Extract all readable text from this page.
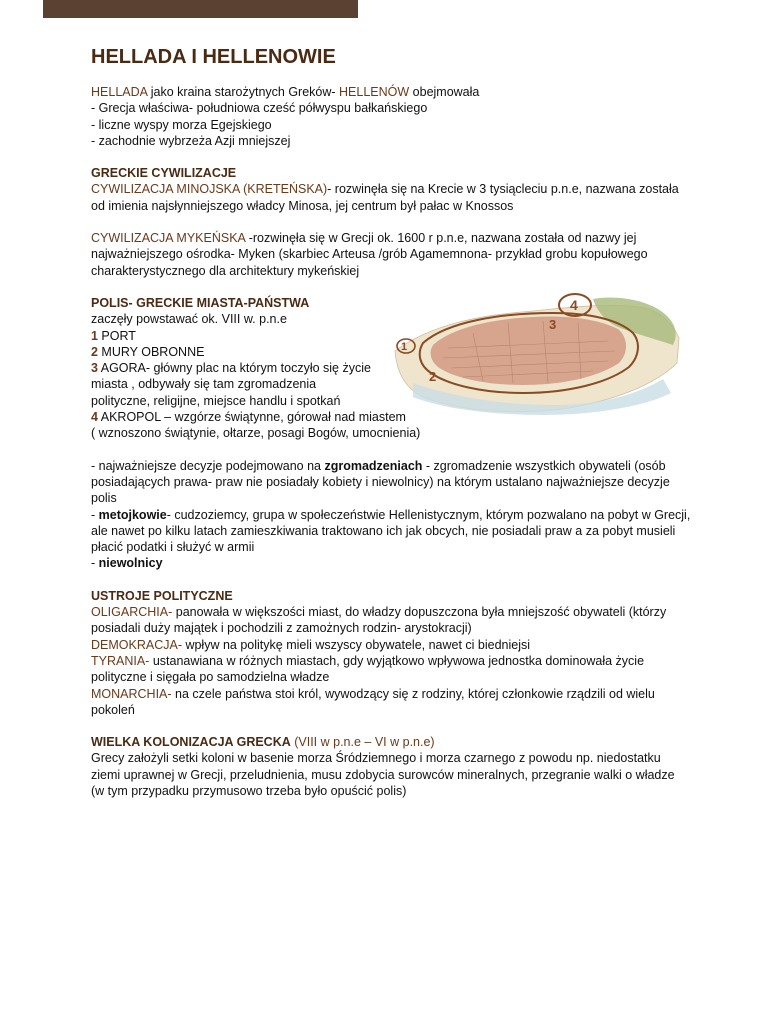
HELLADA I HELLENOWIE

HELLADA jako kraina starożytnych Greków- HELLENÓW obejmowała

- Grecja właściwa- południowa cześć półwyspu bałkańskiego

- liczne wyspy morza Egejskiego

- zachodnie wybrzeża Azji mniejszej

GRECKIE CYWILIZACJE

CYWILIZACJA MINOJSKA (KRETEŃSKA)- rozwinęła się na Krecie w 3 tysiącleciu p.n.e, nazwana została od imienia najsłynniejszego władcy Minosa, jej centrum był pałac w Knossos

CYWILIZACJA MYKEŃSKA -rozwinęła się w Grecji ok. 1600 r p.n.e, nazwana została od nazwy jej najważniejszego ośrodka- Myken (skarbiec Arteusa /grób Agamemnona- przykład grobu kopułowego charakterystycznego dla architektury mykeńskiej

POLIS- GRECKIE MIASTA-PAŃSTWA

zaczęły powstawać ok. VIII w. p.n.e

1 PORT

2 MURY OBRONNE

3 AGORA- główny plac na którym toczyło się życie

miasta , odbywały się tam zgromadzenia

polityczne, religijne, miejsce handlu i spotkań

4 AKROPOL – wzgórze świątynne, górował nad miastem

( wznoszono świątynie, ołtarze, posagi Bogów, umocnienia)

- najważniejsze decyzje podejmowano na zgromadzeniach - zgromadzenie wszystkich obywateli (osób posiadających prawa- praw nie posiadały kobiety i niewolnicy) na którym ustalano najważniejsze decyzje polis

- metojkowie- cudzoziemcy, grupa w społeczeństwie Hellenistycznym, którym pozwalano na pobyt w Grecji, ale nawet po kilku latach zamieszkiwania traktowano ich jak obcych, nie posiadali praw a za pobyt musieli płacić podatki i służyć w armii

- niewolnicy

USTROJE POLITYCZNE

OLIGARCHIA- panowała w większości miast, do władzy dopuszczona była mniejszość obywateli (którzy posiadali duży majątek i pochodzili z zamożnych rodzin- arystokracji)

DEMOKRACJA- wpływ na politykę mieli wszyscy obywatele, nawet ci biedniejsi

TYRANIA- ustanawiana w różnych miastach, gdy wyjątkowo wpływowa jednostka dominowała życie polityczne i sięgała po samodzielna władze

MONARCHIA- na czele państwa stoi król, wywodzący się z rodziny, której członkowie rządzili od wielu pokoleń

WIELKA KOLONIZACJA GRECKA (VIII w p.n.e – VI w p.n.e)

Grecy założyli setki koloni w basenie morza Śródziemnego i morza czarnego z powodu np. niedostatku ziemi uprawnej w Grecji, przeludnienia, musu zdobycia surowców mineralnych, przegranie walki o władze (w tym przypadku przymusowo trzeba było opuścić polis)

1
2
3
4
